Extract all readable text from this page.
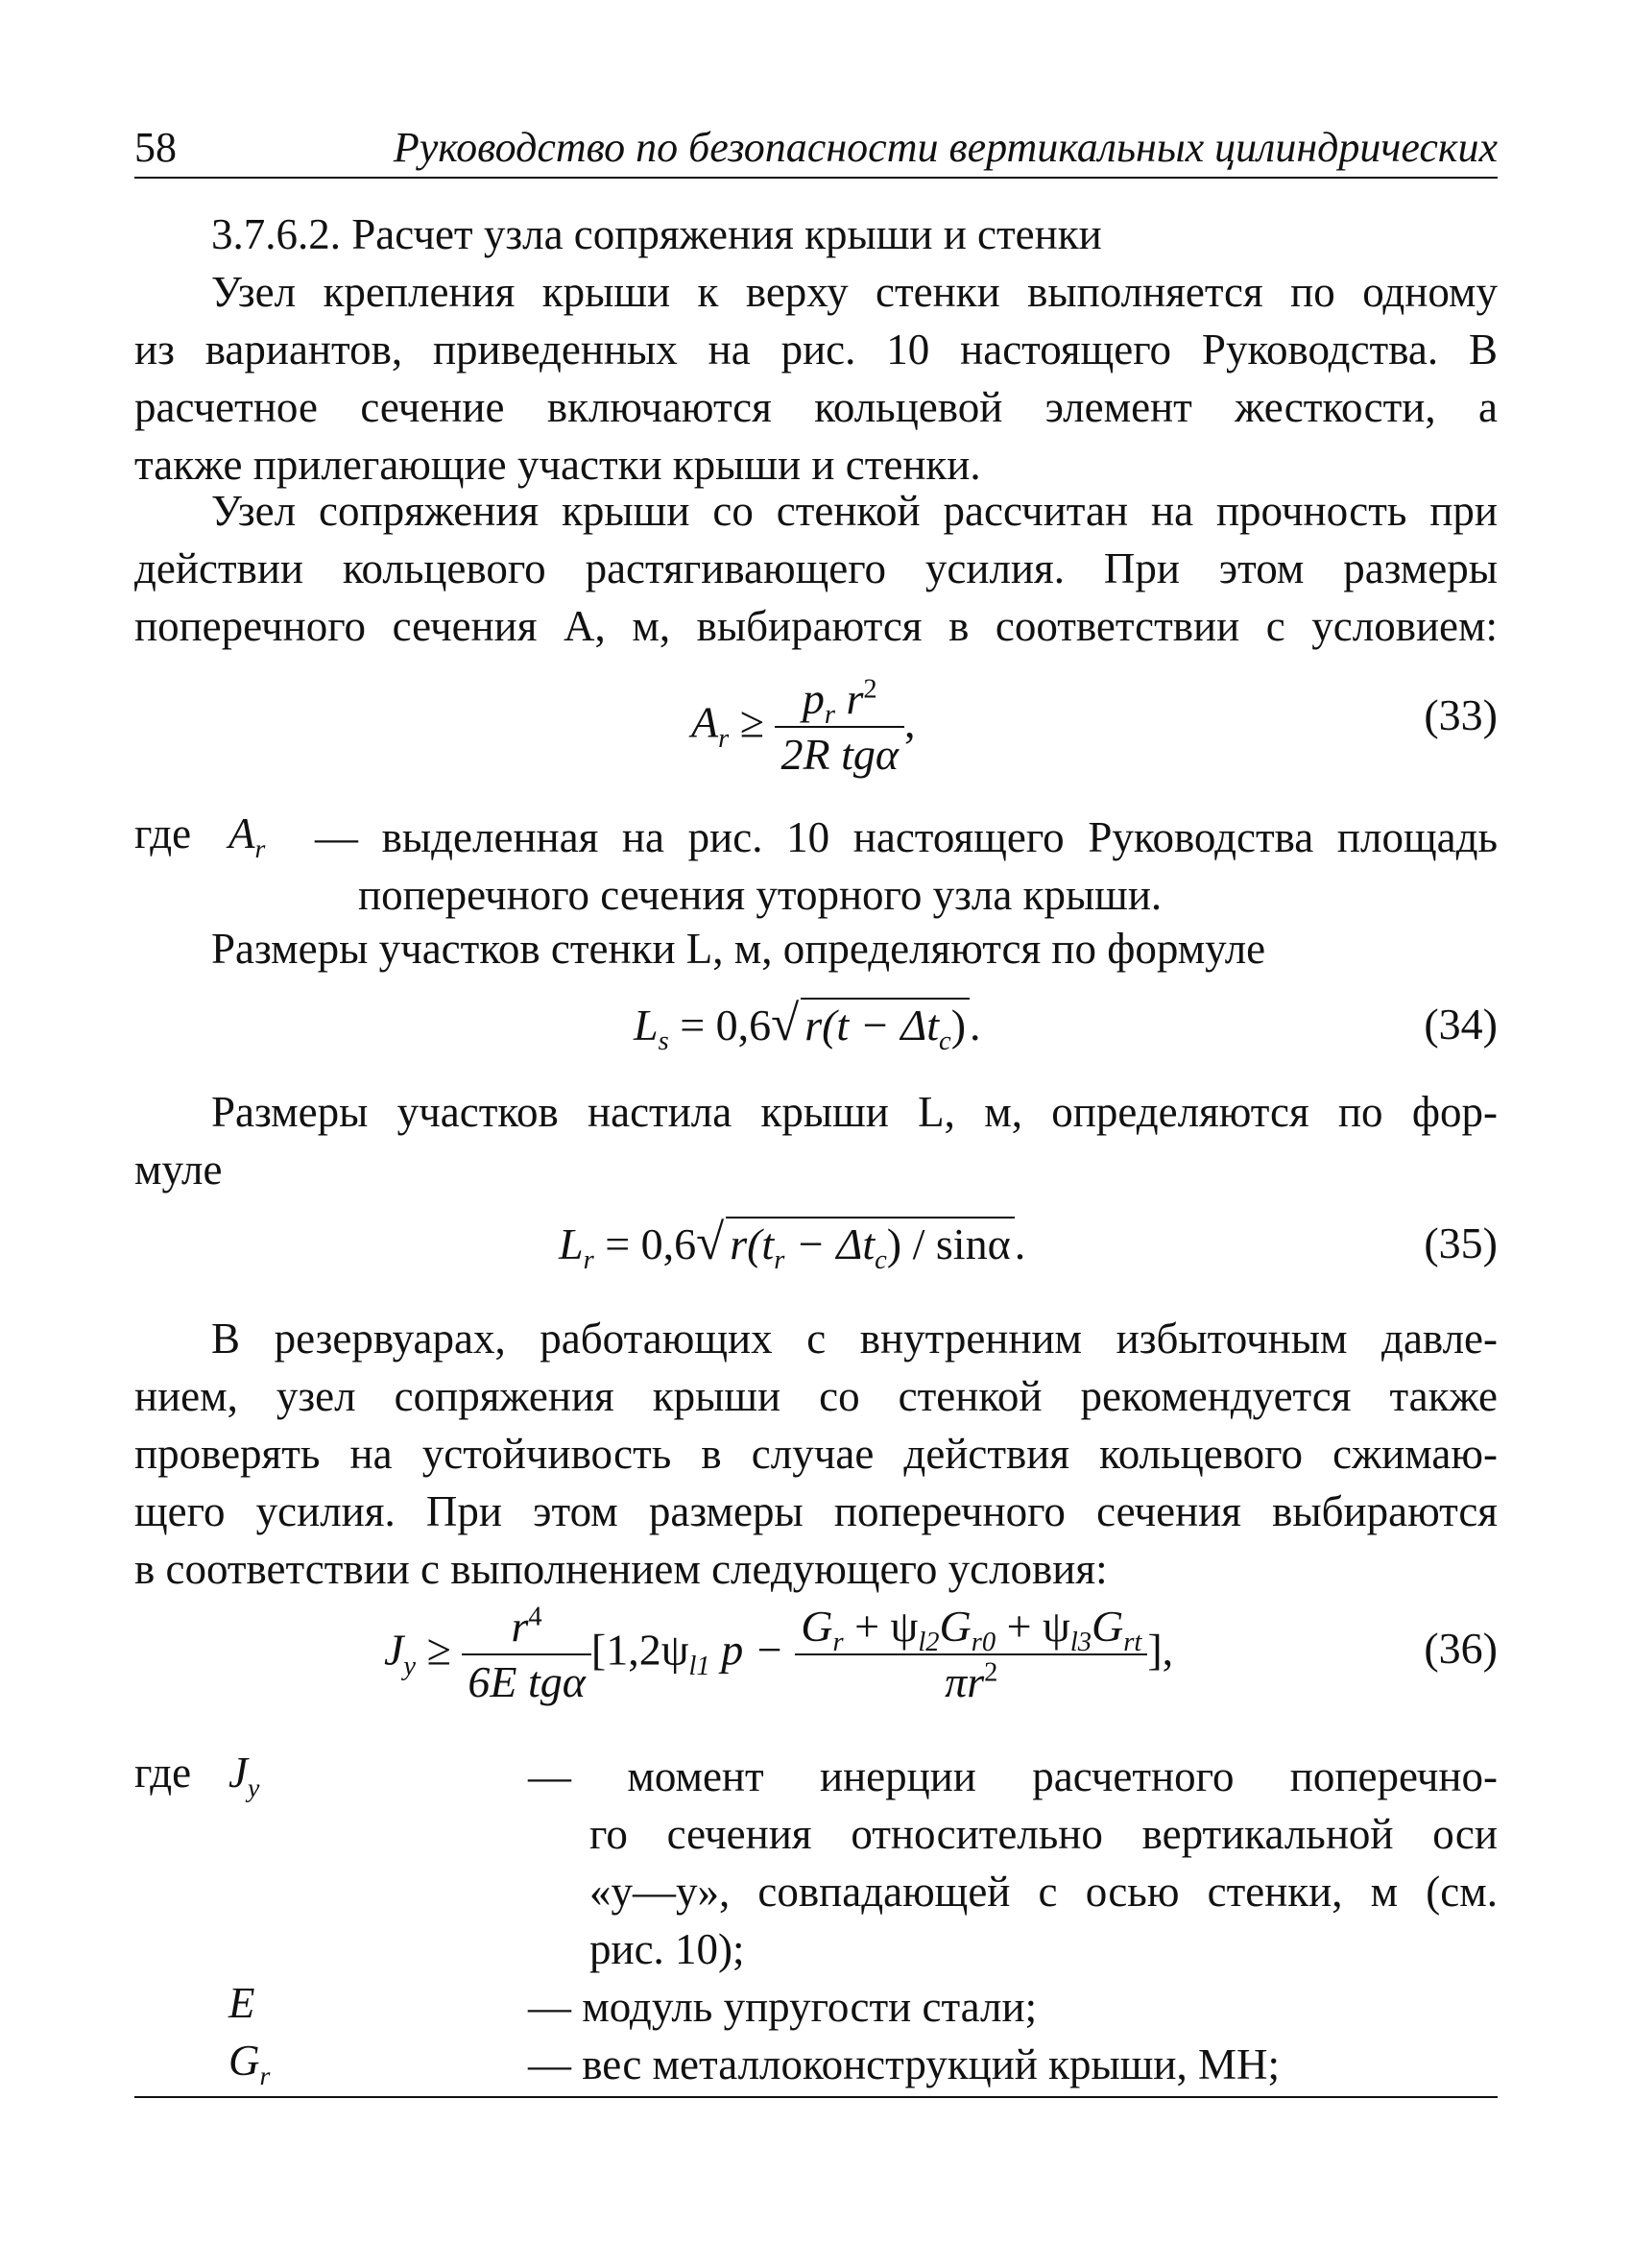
58	Руководство по безопасности вертикальных цилиндрических
3.7.6.2. Расчет узла сопряжения крыши и стенки
Узел крепления крыши к верху стенки выполняется по одному
из вариантов, приведенных на рис. 10 настоящего Руководства. В
расчетное сечение включаются кольцевой элемент жесткости, а
также прилегающие участки крыши и стенки.
Узел сопряжения крыши со стенкой рассчитан на прочность при
действии кольцевого растягивающего усилия. При этом размеры
поперечного сечения A, м, выбираются в соответствии с условием:
$A_r \ge \frac{p_r r^2}{\text{2R tgα}}$ ,	(33)
где $A_r$ — выделенная на рис. 10 настоящего Руководства площадь
поперечного сечения уторного узла крыши.
Размеры участков стенки L, м, определяются по формуле
$L_s = 0,6√$ $r(t - \Delta t_c)$.	(34)
Размеры участков настила крыши L, м, определяются по фор-
муле
$L_r = 0,6√$ $r(t_r - \Delta t_c) / \sin\alpha$.	(35)
В резервуарах, работающих с внутренним избыточным давле-
нием, узел сопряжения крыши со стенкой рекомендуется также
проверять на устойчивость в случае действия кольцевого сжимаю-
щего усилия. При этом размеры поперечного сечения выбираются
в соответствии с выполнением следующего условия:
$J_y \ge \frac{r^4}{\text{6E tgα}} [1,2\psi_{l1}$ $p - \frac{G_r + \psi_{l2}G_{r0} + \psi_{l3}G_{rt}}{\pi r^2}$ ],	(36)
где $J_y$	— момент инерции расчетного поперечно-
го сечения относительно вертикальной оси
«y—y», совпадающей с осью стенки, м (см.
рис. 10);
E	— модуль упругости стали;
$G_r$	— вес металлоконструкций крыши, МН;
